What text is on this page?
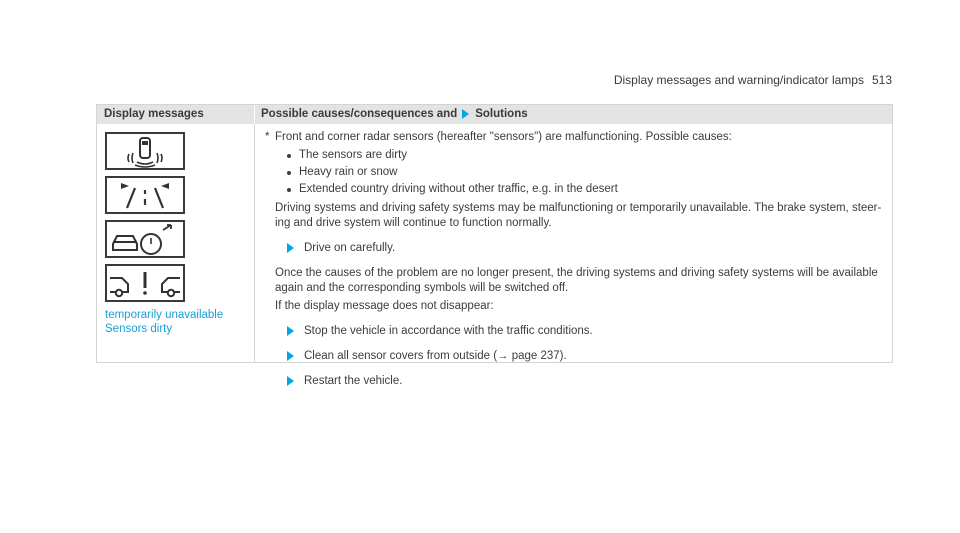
Display messages and warning/indicator lamps 513
Display messages	Possible causes/consequences and Solutions
temporarily unavailable
Sensors dirty
* Front and corner radar sensors (hereafter "sensors") are malfunctioning. Possible causes:
The sensors are dirty
Heavy rain or snow
Extended country driving without other traffic, e.g. in the desert
Driving systems and driving safety systems may be malfunctioning or temporarily unavailable. The brake system, steer-ing and drive system will continue to function normally.
Drive on carefully.
Once the causes of the problem are no longer present, the driving systems and driving safety systems will be available again and the corresponding symbols will be switched off.
If the display message does not disappear:
Stop the vehicle in accordance with the traffic conditions.
Clean all sensor covers from outside (→ page 237).
Restart the vehicle.
